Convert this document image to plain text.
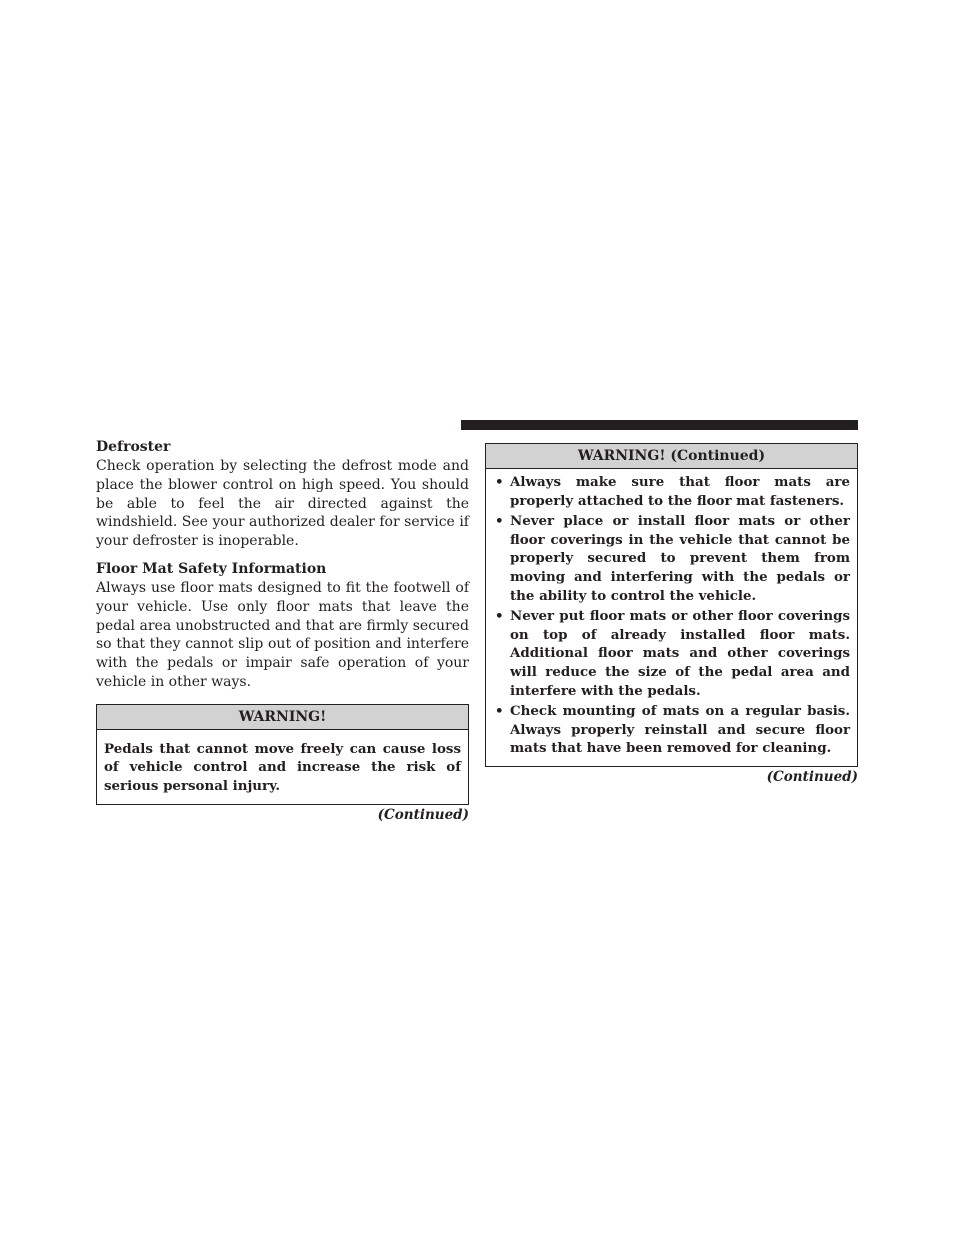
Defroster

Check operation by selecting the defrost mode and place the blower control on high speed. You should be able to feel the air directed against the windshield. See your authorized dealer for service if your defroster is inoperable.

Floor Mat Safety Information

Always use floor mats designed to fit the footwell of your vehicle. Use only floor mats that leave the pedal area unobstructed and that are firmly secured so that they cannot slip out of position and interfere with the pedals or impair safe operation of your vehicle in other ways.

WARNING!
Pedals that cannot move freely can cause loss of vehicle control and increase the risk of serious personal injury.
(Continued)
WARNING! (Continued)
• Always make sure that floor mats are properly attached to the floor mat fasteners.
• Never place or install floor mats or other floor coverings in the vehicle that cannot be properly secured to prevent them from moving and interfering with the pedals or the ability to control the vehicle.
• Never put floor mats or other floor coverings on top of already installed floor mats. Additional floor mats and other coverings will reduce the size of the pedal area and interfere with the pedals.
• Check mounting of mats on a regular basis. Always properly reinstall and secure floor mats that have been removed for cleaning.
(Continued)
